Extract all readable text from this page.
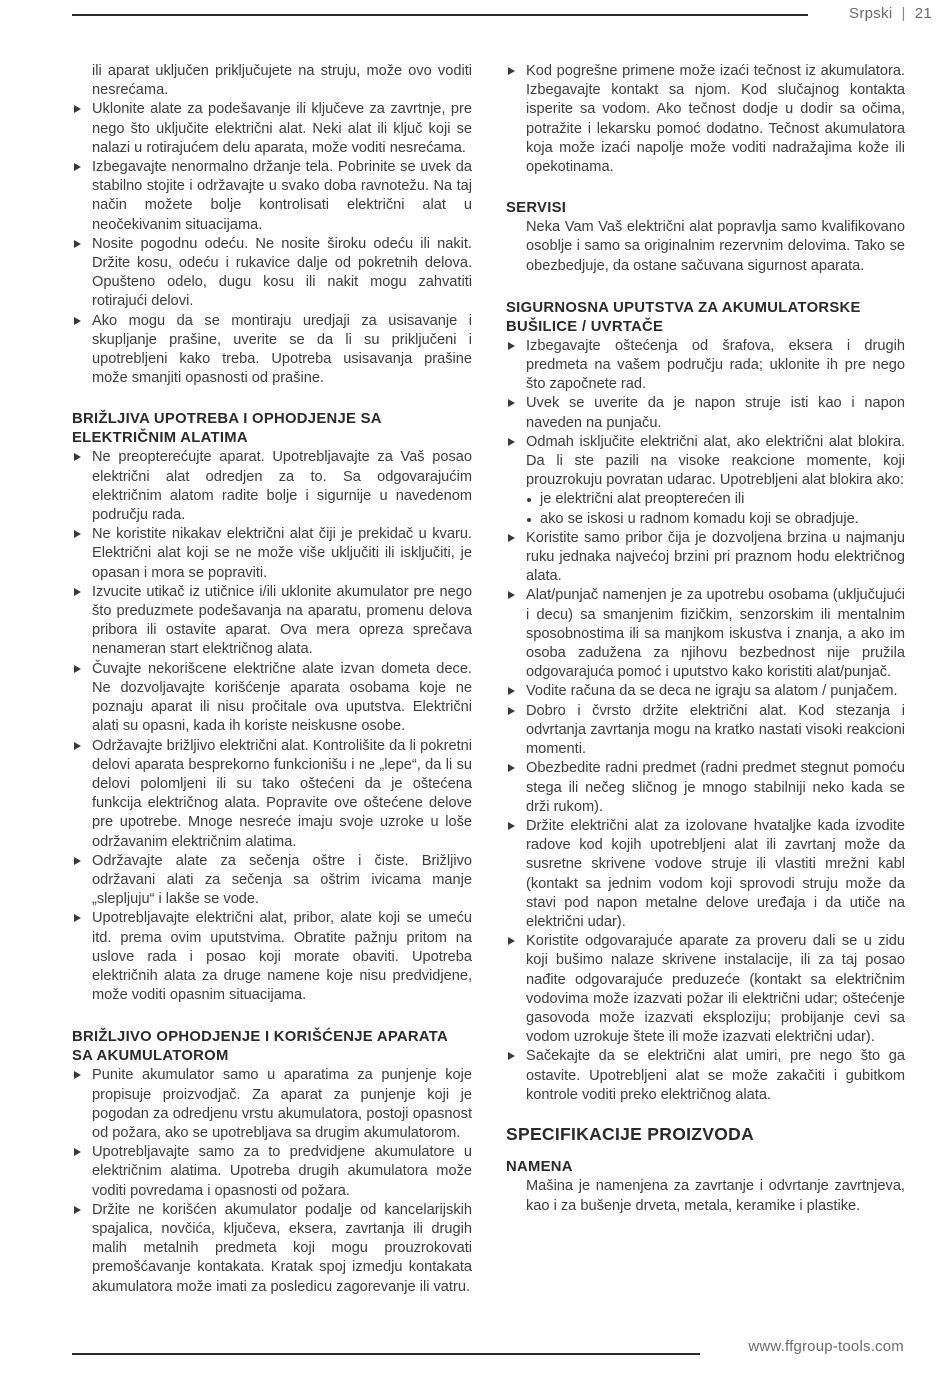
Srpski | 21

ili aparat uključen priključujete na struju, može ovo voditi nesrećama.

Uklonite alate za podešavanje ili ključeve za zavrtnje, pre nego što uključite električni alat. Neki alat ili ključ koji se nalazi u rotirajućem delu aparata, može voditi nesrećama.
Izbegavajte nenormalno držanje tela. Pobrinite se uvek da stabilno stojite i održavajte u svako doba ravnotežu. Na taj način možete bolje kontrolisati električni alat u neočekivanim situacijama.
Nosite pogodnu odeću. Ne nosite široku odeću ili nakit. Držite kosu, odeću i rukavice dalje od pokretnih delova. Opušteno odelo, dugu kosu ili nakit mogu zahvatiti rotirajući delovi.
Ako mogu da se montiraju uredjaji za usisavanje i skupljanje prašine, uverite se da li su priključeni i upotrebljeni kako treba. Upotreba usisavanja prašine može smanjiti opasnosti od prašine.
BRIŽLJIVA UPOTREBA I OPHODJENJE SA ELEKTRIČNIM ALATIMA
Ne preopterećujte aparat. Upotrebljavajte za Vaš posao električni alat odredjen za to. Sa odgovarajućim električnim alatom radite bolje i sigurnije u navedenom području rada.
Ne koristite nikakav električni alat čiji je prekidač u kvaru. Električni alat koji se ne može više uključiti ili isključiti, je opasan i mora se popraviti.
Izvucite utikač iz utičnice i/ili uklonite akumulator pre nego što preduzmete podešavanja na aparatu, promenu delova pribora ili ostavite aparat. Ova mera opreza sprečava nenameran start električnog alata.
Čuvajte nekorišcene električne alate izvan dometa dece. Ne dozvoljavajte korišćenje aparata osobama koje ne poznaju aparat ili nisu pročitale ova uputstva. Električni alati su opasni, kada ih koriste neiskusne osobe.
Održavajte brižljivo električni alat. Kontrolišite da li pokretni delovi aparata besprekorno funkcionišu i ne „lepe“, da li su delovi polomljeni ili su tako oštećeni da je oštećena funkcija električnog alata. Popravite ove oštećene delove pre upotrebe. Mnoge nesreće imaju svoje uzroke u loše održavanim električnim alatima.
Održavajte alate za sečenja oštre i čiste. Brižljivo održavani alati za sečenja sa oštrim ivicama manje „slepljuju“ i lakše se vode.
Upotrebljavajte električni alat, pribor, alate koji se umeću itd. prema ovim uputstvima. Obratite pažnju pritom na uslove rada i posao koji morate obaviti. Upotreba električnih alata za druge namene koje nisu predvidjene, može voditi opasnim situacijama.
BRIŽLJIVO OPHODJENJE I KORIŠĆENJE APARATA SA AKUMULATOROM
Punite akumulator samo u aparatima za punjenje koje propisuje proizvodjač. Za aparat za punjenje koji je pogodan za odredjenu vrstu akumulatora, postoji opasnost od požara, ako se upotrebljava sa drugim akumulatorom.
Upotrebljavajte samo za to predvidjene akumulatore u električnim alatima. Upotreba drugih akumulatora može voditi povredama i opasnosti od požara.
Držite ne korišćen akumulator podalje od kancelarijskih spajalica, novčića, ključeva, eksera, zavrtanja ili drugih malih metalnih predmeta koji mogu prouzrokovati premošćavanje kontakata. Kratak spoj izmedju kontakata akumulatora može imati za posledicu zagorevanje ili vatru.
Kod pogrešne primene može izaći tečnost iz akumulatora. Izbegavajte kontakt sa njom. Kod slučajnog kontakta isperite sa vodom. Ako tečnost dodje u dodir sa očima, potražite i lekarsku pomoć dodatno. Tečnost akumulatora koja može izaći napolje može voditi nadražajima kože ili opekotinama.
SERVISI

Neka Vam Vaš električni alat popravlja samo kvalifikovano osoblje i samo sa originalnim rezervnim delovima. Tako se obezbedjuje, da ostane sačuvana sigurnost aparata.

SIGURNOSNA UPUTSTVA ZA AKUMULATORSKE BUŠILICE / UVRTAČE
Izbegavajte oštećenja od šrafova, eksera i drugih predmeta na vašem području rada; uklonite ih pre nego što započnete rad.
Uvek se uverite da je napon struje isti kao i napon naveden na punjaču.
Odmah isključite električni alat, ako električni alat blokira. Da li ste pazili na visoke reakcione momente, koji prouzrokuju povratan udarac. Upotrebljeni alat blokira ako:
je električni alat preopterećen ili
ako se iskosi u radnom komadu koji se obradjuje.
Koristite samo pribor čija je dozvoljena brzina u najmanju ruku jednaka najvećoj brzini pri praznom hodu električnog alata.
Alat/punjač namenjen je za upotrebu osobama (uključujući i decu) sa smanjenim fizičkim, senzorskim ili mentalnim sposobnostima ili sa manjkom iskustva i znanja, a ako im osoba zadužena za njihovu bezbednost nije pružila odgovarajuća pomoć i uputstvo kako koristiti alat/punjač.
Vodite računa da se deca ne igraju sa alatom / punjačem.
Dobro i čvrsto držite električni alat. Kod stezanja i odvrtanja zavrtanja mogu na kratko nastati visoki reakcioni momenti.
Obezbedite radni predmet (radni predmet stegnut pomoću stega ili nečeg sličnog je mnogo stabilniji neko kada se drži rukom).
Držite električni alat za izolovane hvataljke kada izvodite radove kod kojih upotrebljeni alat ili zavrtanj može da susretne skrivene vodove struje ili vlastiti mrežni kabl (kontakt sa jednim vodom koji sprovodi struju može da stavi pod napon metalne delove uređaja i da utiče na električni udar).
Koristite odgovarajuće aparate za proveru dali se u zidu koji bušimo nalaze skrivene instalacije, ili za taj posao nađite odgovarajuće preduzeće (kontakt sa električnim vodovima može izazvati požar ili električni udar; oštećenje gasovoda može izazvati eksploziju; probijanje cevi sa vodom uzrokuje štete ili može izazvati električni udar).
Sačekajte da se električni alat umiri, pre nego što ga ostavite. Upotrebljeni alat se može zakačiti i gubitkom kontrole voditi preko električnog alata.
SPECIFIKACIJE PROIZVODA
NAMENA

Mašina je namenjena za zavrtanje i odvrtanje zavrtnjeva, kao i za bušenje drveta, metala, keramike i plastike.

www.ffgroup-tools.com
